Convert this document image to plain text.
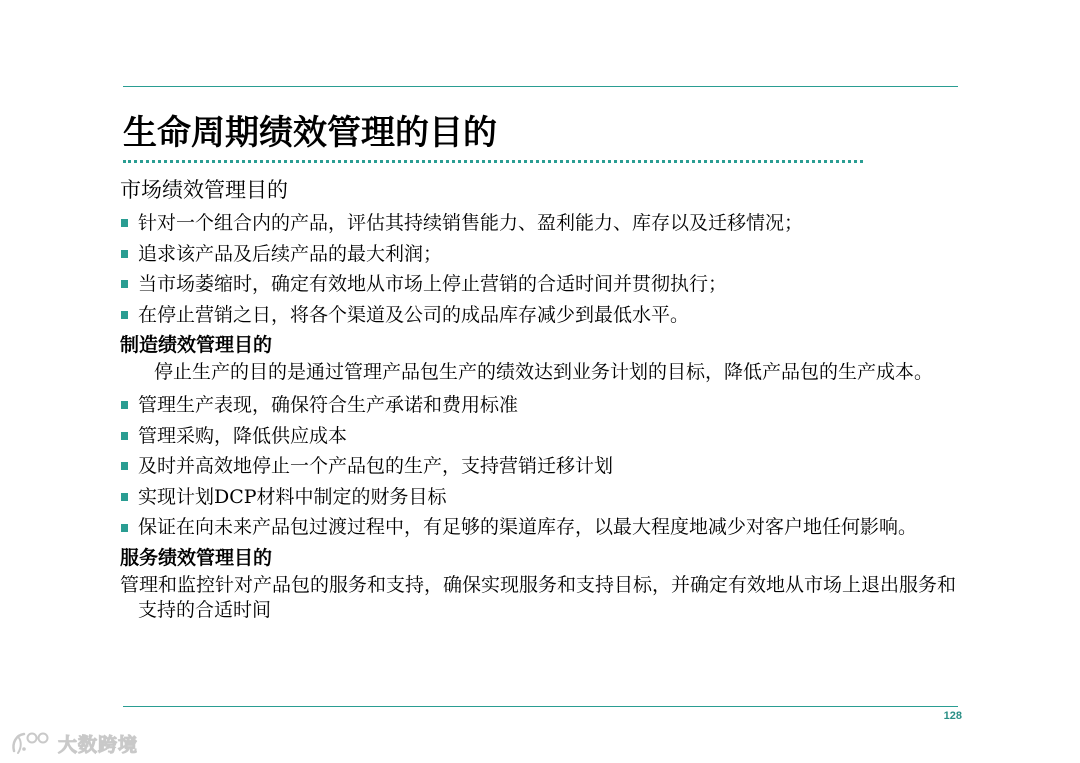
生命周期绩效管理的目的

市场绩效管理目的

针对一个组合内的产品，评估其持续销售能力、盈利能力、库存以及迁移情况；

追求该产品及后续产品的最大利润；

当市场萎缩时，确定有效地从市场上停止营销的合适时间并贯彻执行；

在停止营销之日，将各个渠道及公司的成品库存减少到最低水平。

制造绩效管理目的

停止生产的目的是通过管理产品包生产的绩效达到业务计划的目标，降低产品包的生产成本。

管理生产表现，确保符合生产承诺和费用标准

管理采购，降低供应成本

及时并高效地停止一个产品包的生产，支持营销迁移计划

实现计划DCP材料中制定的财务目标

保证在向未来产品包过渡过程中，有足够的渠道库存，以最大程度地减少对客户地任何影响。

服务绩效管理目的

管理和监控针对产品包的服务和支持，确保实现服务和支持目标，并确定有效地从市场上退出服务和支持的合适时间

128
大数跨境
